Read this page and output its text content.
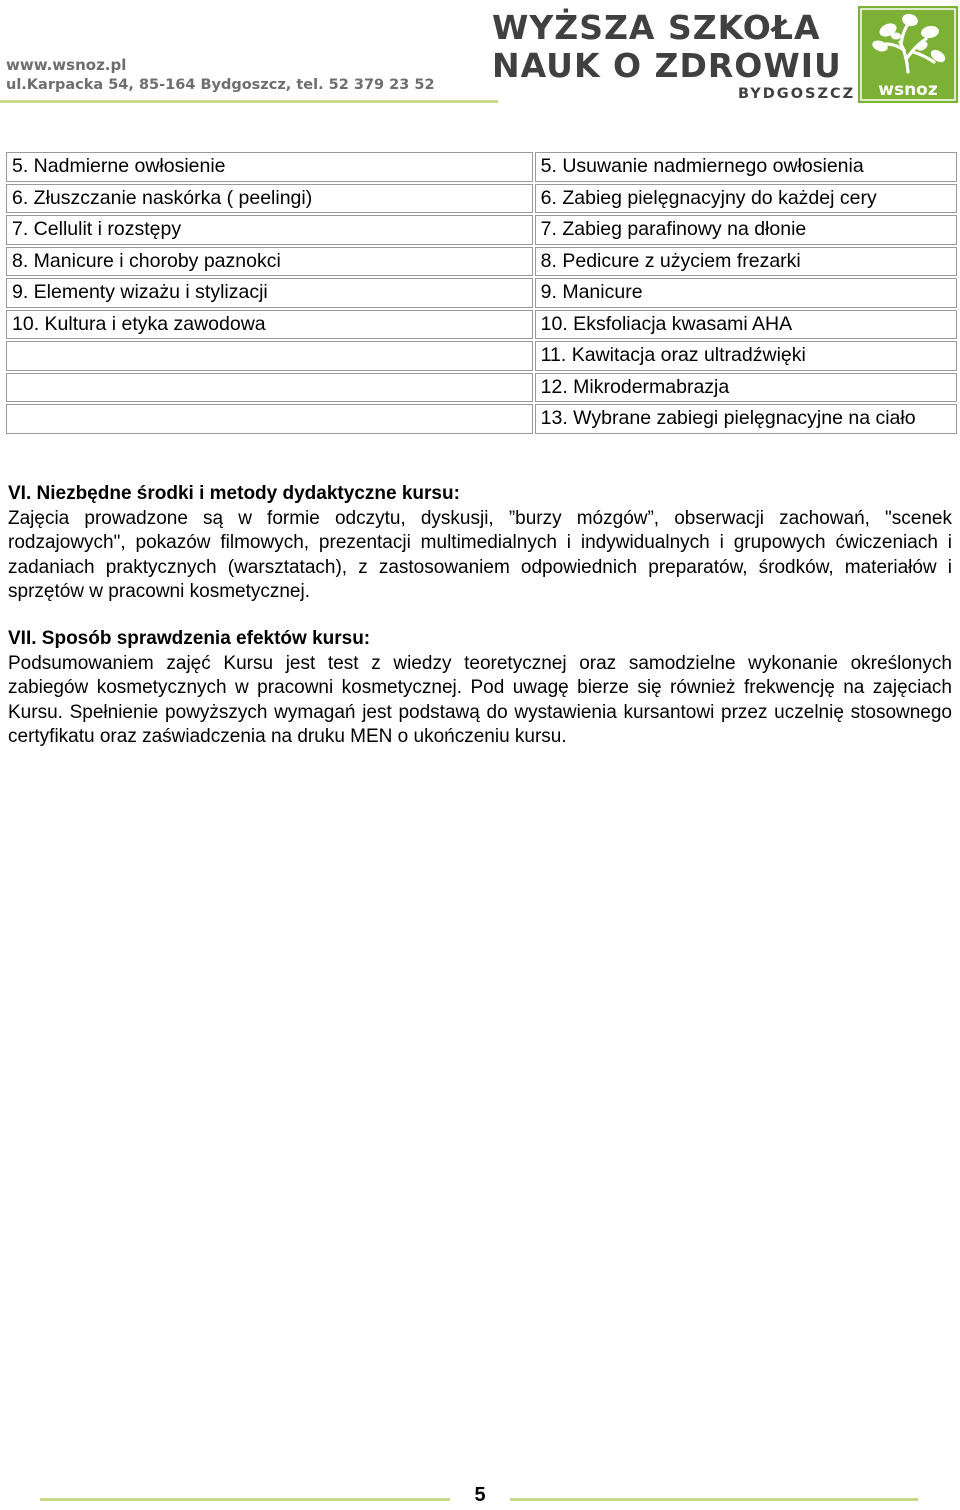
www.wsnoz.pl
ul.Karpacka 54, 85-164 Bydgoszcz, tel. 52 379 23 52
WYŻSZA SZKOŁA
NAUK O ZDROWIU
BYDGOSZCZ wsnoz
5. Nadmierne owłosienie	5. Usuwanie nadmiernego owłosienia
6. Złuszczanie naskórka ( peelingi)	6. Zabieg pielęgnacyjny do każdej cery
7. Cellulit i rozstępy	7. Zabieg parafinowy na dłonie
8. Manicure i choroby paznokci	8. Pedicure z użyciem frezarki
9. Elementy wizażu i stylizacji	9. Manicure
10. Kultura i etyka zawodowa	10. Eksfoliacja kwasami AHA
	11. Kawitacja oraz ultradźwięki
	12. Mikrodermabrazja
	13. Wybrane zabiegi pielęgnacyjne na ciało
VI. Niezbędne środki i metody dydaktyczne kursu:

Zajęcia prowadzone są w formie odczytu, dyskusji, ”burzy mózgów”, obserwacji zachowań, "scenek rodzajowych", pokazów filmowych, prezentacji multimedialnych i indywidualnych i grupowych ćwiczeniach i zadaniach praktycznych (warsztatach), z zastosowaniem odpowiednich preparatów, środków, materiałów i sprzętów w pracowni kosmetycznej.

VII. Sposób sprawdzenia efektów kursu:

Podsumowaniem zajęć Kursu jest test z wiedzy teoretycznej oraz samodzielne wykonanie określonych zabiegów kosmetycznych w pracowni kosmetycznej. Pod uwagę bierze się również frekwencję na zajęciach Kursu. Spełnienie powyższych wymagań jest podstawą do wystawienia kursantowi przez uczelnię stosownego certyfikatu oraz zaświadczenia na druku MEN o ukończeniu kursu.

5
